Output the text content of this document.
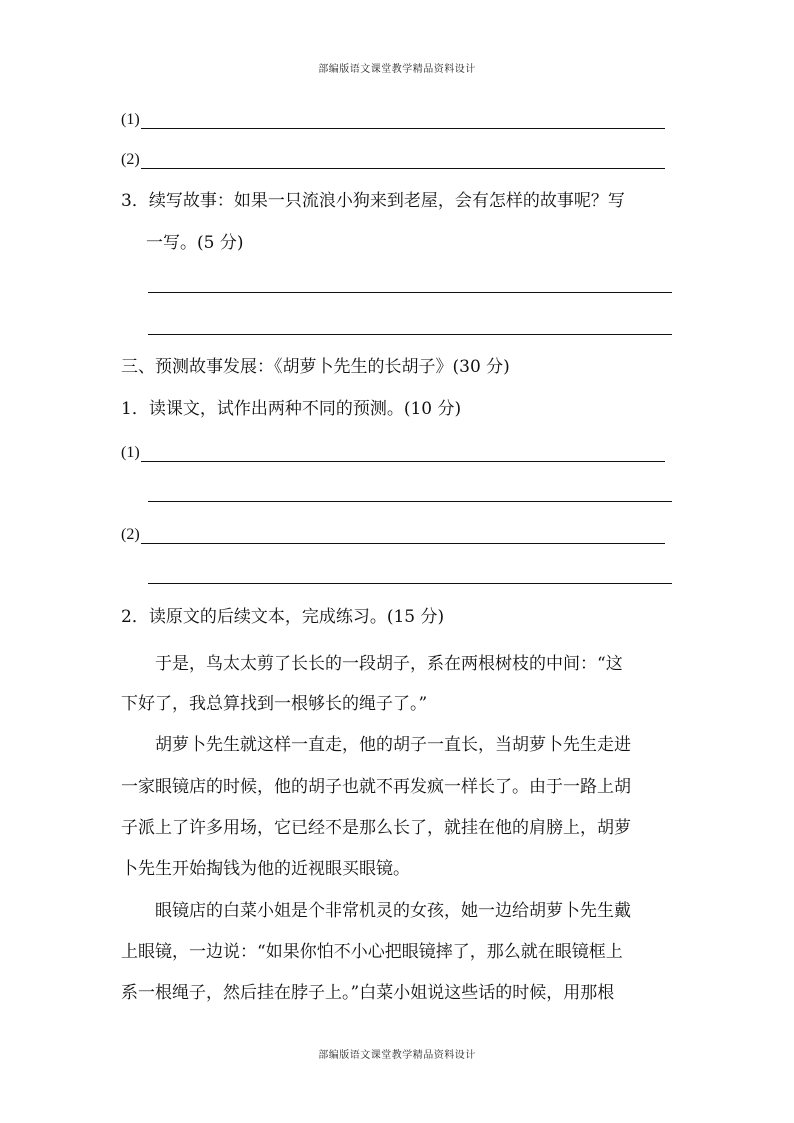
部编版语文课堂教学精品资料设计
(1)
(2)
3．续写故事：如果一只流浪小狗来到老屋，会有怎样的故事呢？写
一写。(5 分)
三、预测故事发展：《胡萝卜先生的长胡子》(30 分)
1．读课文，试作出两种不同的预测。(10 分)
(1)
(2)
2．读原文的后续文本，完成练习。(15 分)
　　于是，鸟太太剪了长长的一段胡子，系在两根树枝的中间：“这
下好了，我总算找到一根够长的绳子了。”
　　胡萝卜先生就这样一直走，他的胡子一直长，当胡萝卜先生走进
一家眼镜店的时候，他的胡子也就不再发疯一样长了。由于一路上胡
子派上了许多用场，它已经不是那么长了，就挂在他的肩膀上，胡萝
卜先生开始掏钱为他的近视眼买眼镜。
　　眼镜店的白菜小姐是个非常机灵的女孩，她一边给胡萝卜先生戴
上眼镜，一边说：“如果你怕不小心把眼镜摔了，那么就在眼镜框上
系一根绳子，然后挂在脖子上。”白菜小姐说这些话的时候，用那根
部编版语文课堂教学精品资料设计
